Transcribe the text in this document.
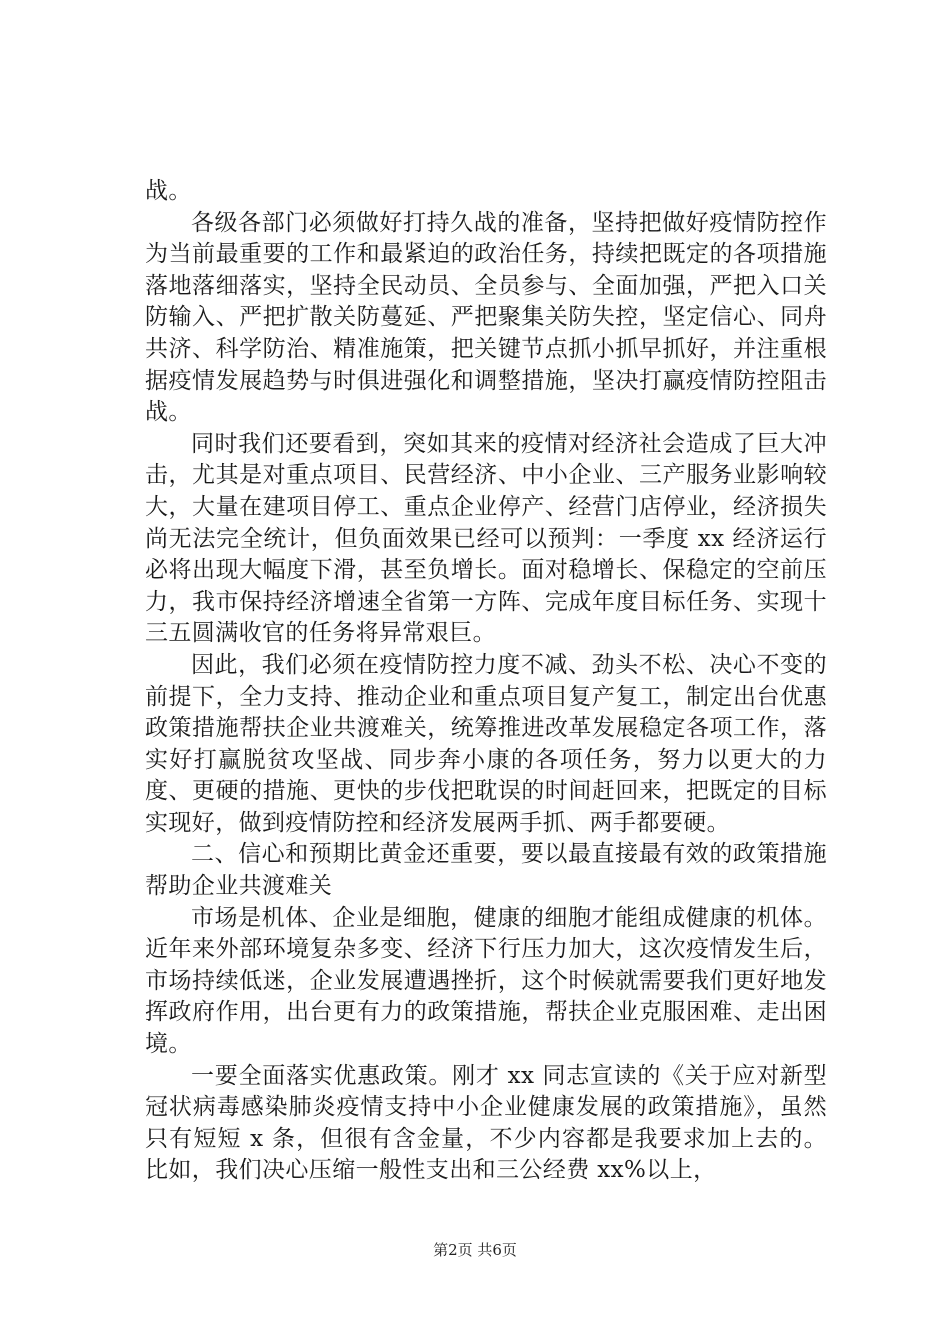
战。

各级各部门必须做好打持久战的准备，坚持把做好疫情防控作为当前最重要的工作和最紧迫的政治任务，持续把既定的各项措施落地落细落实，坚持全民动员、全员参与、全面加强，严把入口关防输入、严把扩散关防蔓延、严把聚集关防失控，坚定信心、同舟共济、科学防治、精准施策，把关键节点抓小抓早抓好，并注重根据疫情发展趋势与时俱进强化和调整措施，坚决打赢疫情防控阻击战。

同时我们还要看到，突如其来的疫情对经济社会造成了巨大冲击，尤其是对重点项目、民营经济、中小企业、三产服务业影响较大，大量在建项目停工、重点企业停产、经营门店停业，经济损失尚无法完全统计，但负面效果已经可以预判：一季度 xx 经济运行必将出现大幅度下滑，甚至负增长。面对稳增长、保稳定的空前压力，我市保持经济增速全省第一方阵、完成年度目标任务、实现十三五圆满收官的任务将异常艰巨。

因此，我们必须在疫情防控力度不减、劲头不松、决心不变的前提下，全力支持、推动企业和重点项目复产复工，制定出台优惠政策措施帮扶企业共渡难关，统筹推进改革发展稳定各项工作，落实好打赢脱贫攻坚战、同步奔小康的各项任务，努力以更大的力度、更硬的措施、更快的步伐把耽误的时间赶回来，把既定的目标实现好，做到疫情防控和经济发展两手抓、两手都要硬。

二、信心和预期比黄金还重要，要以最直接最有效的政策措施帮助企业共渡难关

市场是机体、企业是细胞，健康的细胞才能组成健康的机体。近年来外部环境复杂多变、经济下行压力加大，这次疫情发生后，市场持续低迷，企业发展遭遇挫折，这个时候就需要我们更好地发挥政府作用，出台更有力的政策措施，帮扶企业克服困难、走出困境。

一要全面落实优惠政策。刚才 xx 同志宣读的《关于应对新型冠状病毒感染肺炎疫情支持中小企业健康发展的政策措施》，虽然只有短短 x 条，但很有含金量，不少内容都是我要求加上去的。比如，我们决心压缩一般性支出和三公经费 xx%以上，

第2页 共6页
